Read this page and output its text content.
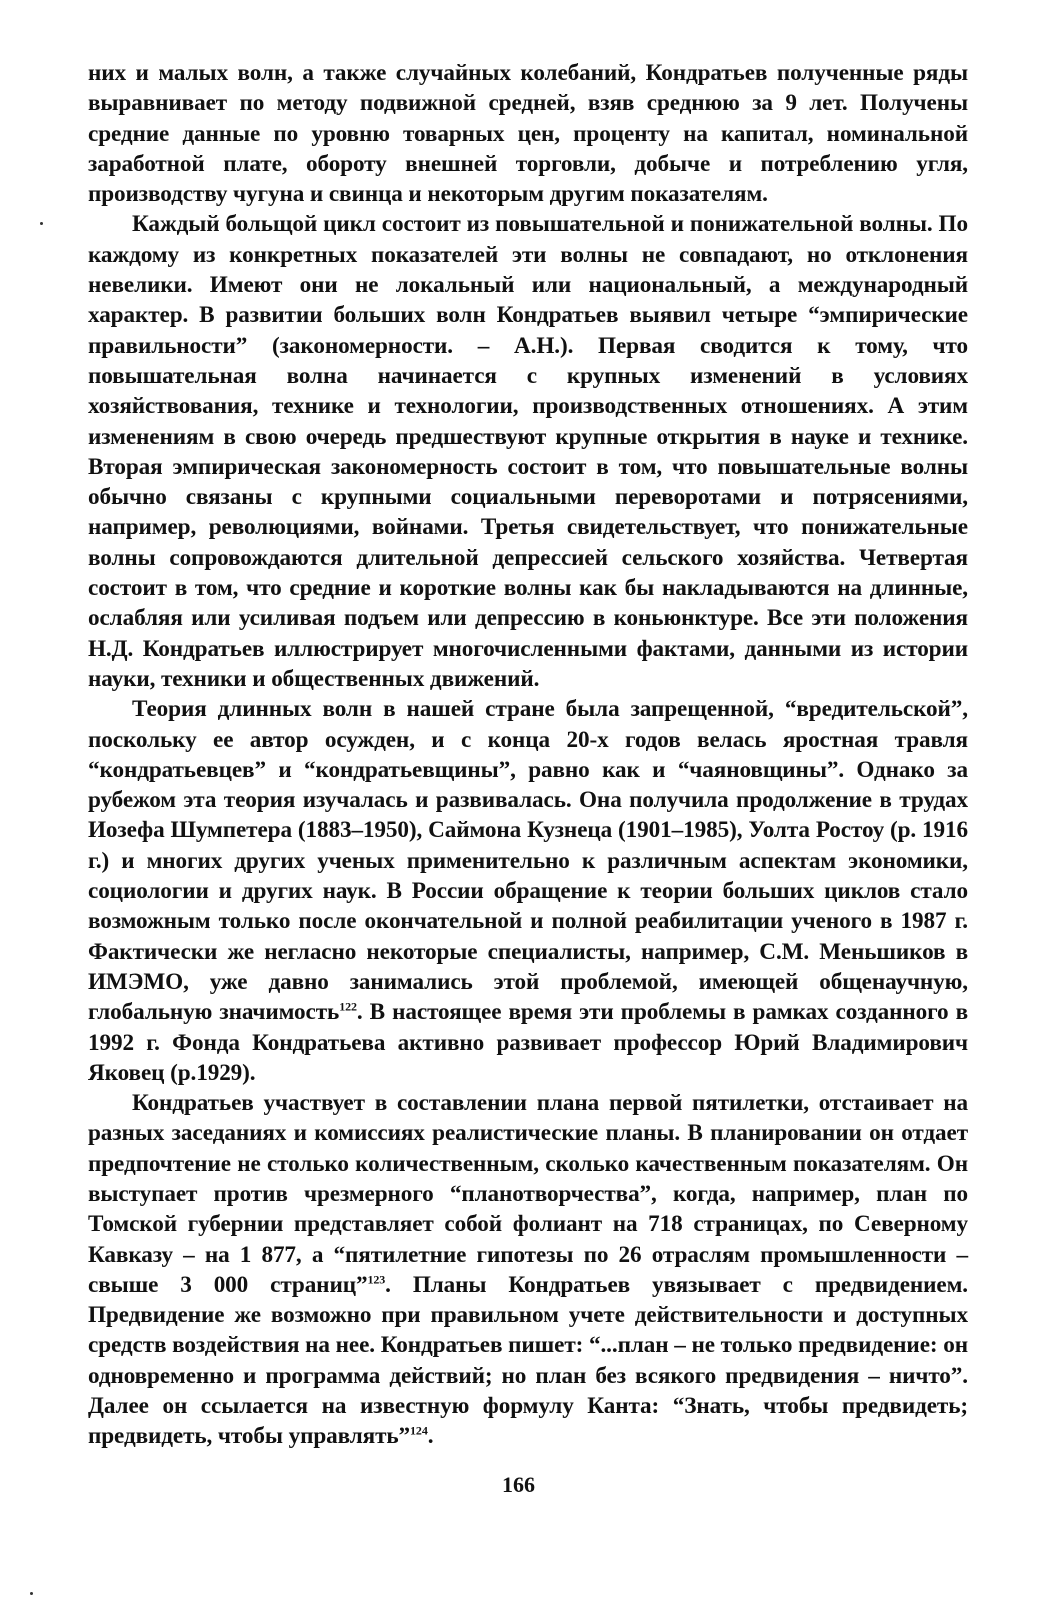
них и малых волн, а также случайных колебаний, Кондратьев полученные ряды выравнивает по методу подвижной средней, взяв среднюю за 9 лет. Получены средние данные по уровню товарных цен, проценту на капитал, номинальной заработной плате, обороту внешней торговли, добыче и потреблению угля, производству чугуна и свинца и некоторым другим показателям.

Каждый больщой цикл состоит из повышательной и понижательной волны. По каждому из конкретных показателей эти волны не совпадают, но отклонения невелики. Имеют они не локальный или национальный, а международный характер. В развитии больших волн Кондратьев выявил четыре “эмпирические правильности” (закономерности. – А.Н.). Первая сводится к тому, что повышательная волна начинается с крупных изменений в условиях хозяйствования, технике и технологии, производственных отношениях. А этим изменениям в свою очередь предшествуют крупные открытия в науке и технике. Вторая эмпирическая закономерность состоит в том, что повышательные волны обычно связаны с крупными социальными переворотами и потрясениями, например, революциями, войнами. Третья свидетельствует, что понижательные волны сопровождаются длительной депрессией сельского хозяйства. Четвертая состоит в том, что средние и короткие волны как бы накладываются на длинные, ослабляя или усиливая подъем или депрессию в коньюнктуре. Все эти положения Н.Д. Кондратьев иллюстрирует многочисленными фактами, данными из истории науки, техники и общественных движений.

Теория длинных волн в нашей стране была запрещенной, “вредительской”, поскольку ее автор осужден, и с конца 20-х годов велась яростная травля “кондратьевцев” и “кондратьевщины”, равно как и “чаяновщины”. Однако за рубежом эта теория изучалась и развивалась. Она получила продолжение в трудах Иозефа Шумпетера (1883–1950), Саймона Кузнеца (1901–1985), Уолта Ростоу (р. 1916 г.) и многих других ученых применительно к различным аспектам экономики, социологии и других наук. В России обращение к теории больших циклов стало возможным только после окончательной и полной реабилитации ученого в 1987 г. Фактически же негласно некоторые специалисты, например, С.М. Меньшиков в ИМЭМО, уже давно занимались этой проблемой, имеющей общенаучную, глобальную значимость$^{122}$. В настоящее время эти проблемы в рамках созданного в 1992 г. Фонда Кондратьева активно развивает профессор Юрий Владимирович Яковец (р.1929).

Кондратьев участвует в составлении плана первой пятилетки, отстаивает на разных заседаниях и комиссиях реалистические планы. В планировании он отдает предпочтение не столько количественным, сколько качественным показателям. Он выступает против чрезмерного “планотворчества”, когда, например, план по Томской губернии представляет собой фолиант на 718 страницах, по Северному Кавказу – на 1 877, а “пятилетние гипотезы по 26 отраслям промышленности – свыше 3 000 страниц”$^{123}$. Планы Кондратьев увязывает с предвидением. Предвидение же возможно при правильном учете действительности и доступных средств воздействия на нее. Кондратьев пишет: “...план – не только предвидение: он одновременно и программа действий; но план без всякого предвидения – ничто”. Далее он ссылается на известную формулу Канта: “Знать, чтобы предвидеть; предвидеть, чтобы управлять”$^{124}$.

166
